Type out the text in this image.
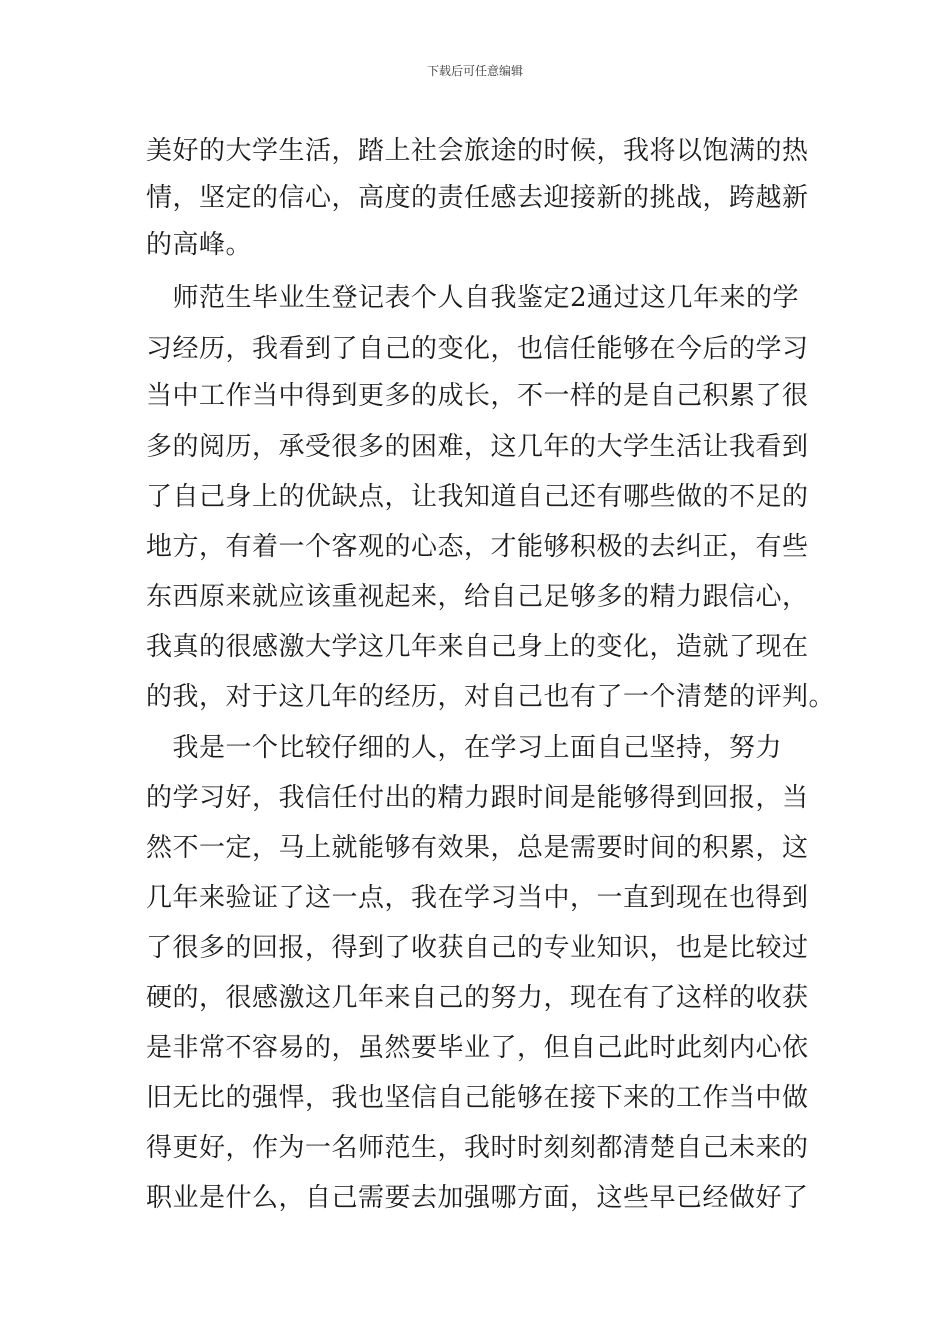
下载后可任意编辑
美好的大学生活，踏上社会旅途的时候，我将以饱满的热
情，坚定的信心，高度的责任感去迎接新的挑战，跨越新
的高峰。
　师范生毕业生登记表个人自我鉴定2通过这几年来的学
习经历，我看到了自己的变化，也信任能够在今后的学习
当中工作当中得到更多的成长，不一样的是自己积累了很
多的阅历，承受很多的困难，这几年的大学生活让我看到
了自己身上的优缺点，让我知道自己还有哪些做的不足的
地方，有着一个客观的心态，才能够积极的去纠正，有些
东西原来就应该重视起来，给自己足够多的精力跟信心，
我真的很感激大学这几年来自己身上的变化，造就了现在
的我，对于这几年的经历，对自己也有了一个清楚的评判。
　我是一个比较仔细的人，在学习上面自己坚持，努力
的学习好，我信任付出的精力跟时间是能够得到回报，当
然不一定，马上就能够有效果，总是需要时间的积累，这
几年来验证了这一点，我在学习当中，一直到现在也得到
了很多的回报，得到了收获自己的专业知识，也是比较过
硬的，很感激这几年来自己的努力，现在有了这样的收获
是非常不容易的，虽然要毕业了，但自己此时此刻内心依
旧无比的强悍，我也坚信自己能够在接下来的工作当中做
得更好，作为一名师范生，我时时刻刻都清楚自己未来的
职业是什么，自己需要去加强哪方面，这些早已经做好了
